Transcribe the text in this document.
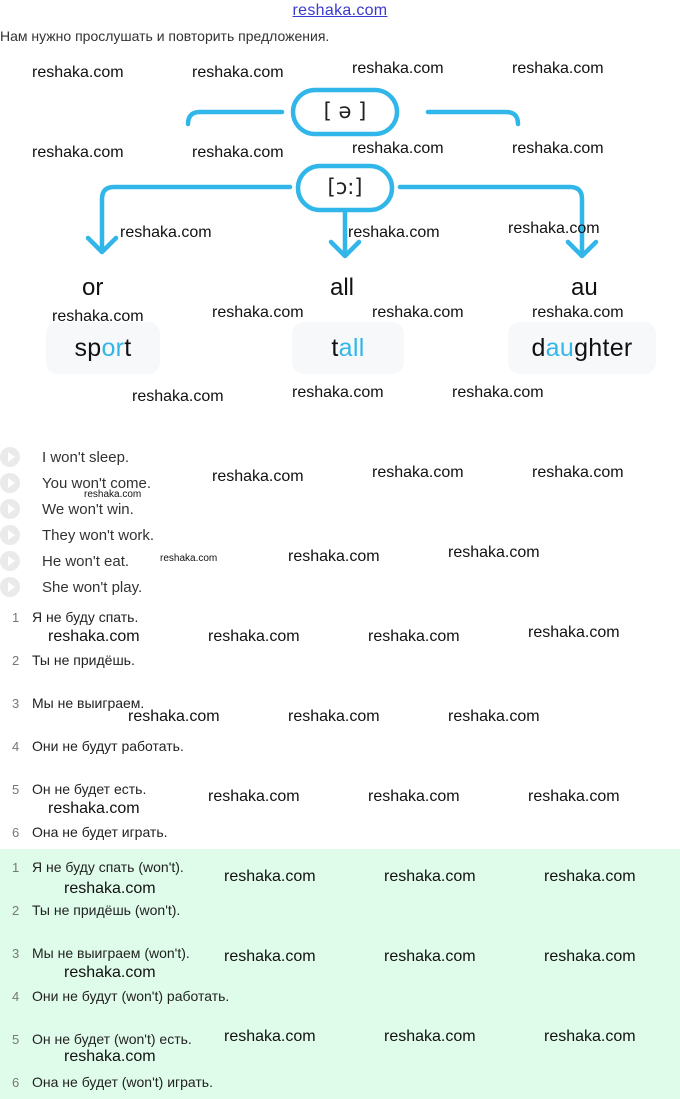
reshaka.com
Нам нужно прослушать и повторить предложения.
[ ə ]
[ɔ:]
or	all	au
sp or t	t all	d au ghter
I won't sleep.
You won't come.
We won't win.
They won't work.
He won't eat.
She won't play.
1 Я не буду спать.
2 Ты не придёшь.
3 Мы не выиграем.
4 Они не будут работать.
5 Он не будет есть.
6 Она не будет играть.
1 Я не буду спать (won't).
2 Ты не придёшь (won't).
3 Мы не выиграем (won't).
4 Они не будут (won't) работать.
5 Он не будет (won't) есть.
6 Она не будет (won't) играть.
reshaka.com	reshaka.com	reshaka.com	reshaka.com
reshaka.com	reshaka.com	reshaka.com	reshaka.com
reshaka.com	reshaka.com	reshaka.com
reshaka.com	reshaka.com	reshaka.com	reshaka.com
reshaka.com	reshaka.com	reshaka.com
reshaka.com	reshaka.com	reshaka.com
reshaka.com
reshaka.com	reshaka.com	reshaka.com
reshaka.com	reshaka.com	reshaka.com	reshaka.com
reshaka.com	reshaka.com	reshaka.com
reshaka.com
reshaka.com	reshaka.com	reshaka.com
reshaka.com
reshaka.com	reshaka.com	reshaka.com
reshaka.com
reshaka.com	reshaka.com	reshaka.com
reshaka.com
reshaka.com	reshaka.com	reshaka.com
